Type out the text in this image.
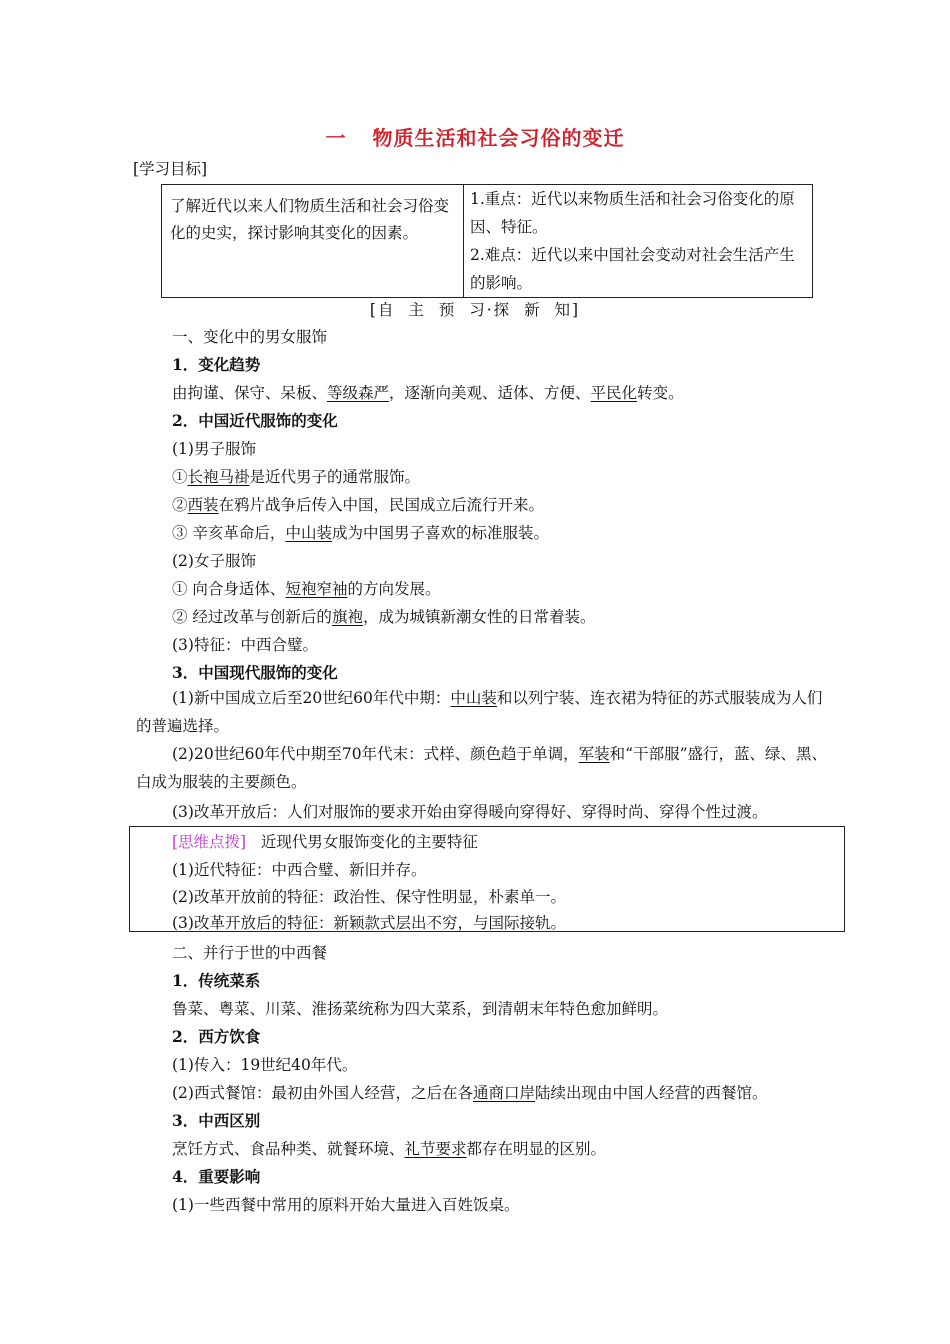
一 物质生活和社会习俗的变迁
[学习目标]
了解近代以来人们物质生活和社会习俗变化的史实，探讨影响其变化的因素。
1.重点：近代以来物质生活和社会习俗变化的原因、特征。
2.难点：近代以来中国社会变动对社会生活产生的影响。
[自 主 预 习·探 新 知]
一、变化中的男女服饰
1．变化趋势
由拘谨、保守、呆板、等级森严，逐渐向美观、适体、方便、平民化转变。
2．中国近代服饰的变化
(1)男子服饰
①长袍马褂是近代男子的通常服饰。
②西装在鸦片战争后传入中国，民国成立后流行开来。
③ 辛亥革命后，中山装成为中国男子喜欢的标准服装。
(2)女子服饰
① 向合身适体、短袍窄袖的方向发展。
② 经过改革与创新后的旗袍，成为城镇新潮女性的日常着装。
(3)特征：中西合璧。
3．中国现代服饰的变化
(1)新中国成立后至20世纪60年代中期：中山装和以列宁装、连衣裙为特征的苏式服装成为人们的普遍选择。
(2)20世纪60年代中期至70年代末：式样、颜色趋于单调，军装和“干部服”盛行，蓝、绿、黑、白成为服装的主要颜色。
(3)改革开放后：人们对服饰的要求开始由穿得暖向穿得好、穿得时尚、穿得个性过渡。
[思维点拨] 近现代男女服饰变化的主要特征
(1)近代特征：中西合璧、新旧并存。
(2)改革开放前的特征：政治性、保守性明显，朴素单一。
(3)改革开放后的特征：新颖款式层出不穷，与国际接轨。
二、并行于世的中西餐
1．传统菜系
鲁菜、粤菜、川菜、淮扬菜统称为四大菜系，到清朝末年特色愈加鲜明。
2．西方饮食
(1)传入：19世纪40年代。
(2)西式餐馆：最初由外国人经营，之后在各通商口岸陆续出现由中国人经营的西餐馆。
3．中西区别
烹饪方式、食品种类、就餐环境、礼节要求都存在明显的区别。
4．重要影响
(1)一些西餐中常用的原料开始大量进入百姓饭桌。
